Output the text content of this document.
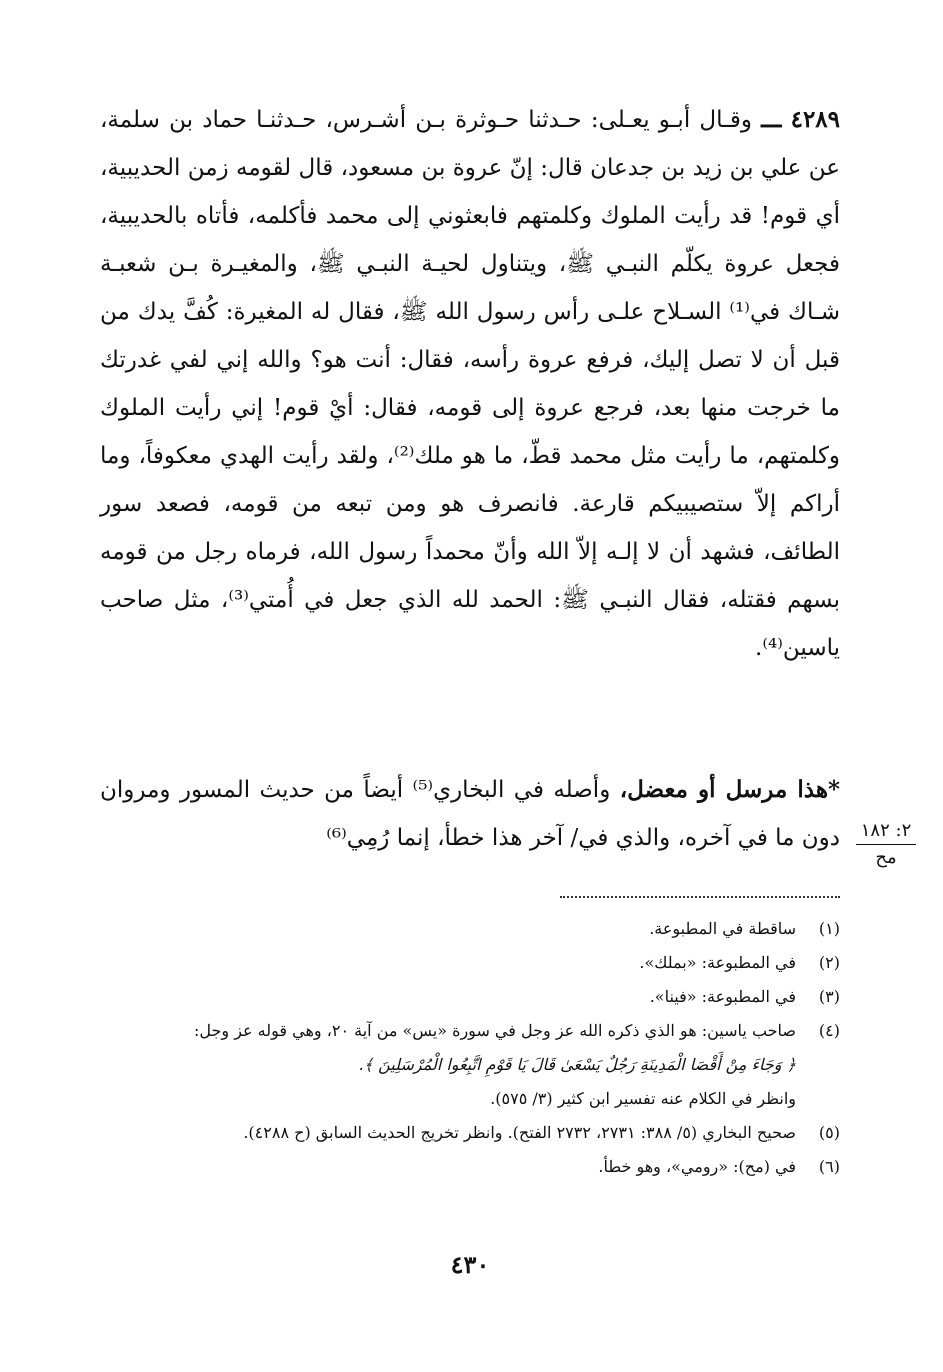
٤٢٨٩ ـــ وقـال أبـو يعـلى: حـدثنا حـوثرة بـن أشـرس، حـدثنـا حماد بن سلمة، عن علي بن زيد بن جدعان قال: إنّ عروة بن مسعود، قال لقومه زمن الحديبية، أي قوم! قد رأيت الملوك وكلمتهم فابعثوني إلى محمد فأكلمه، فأتاه بالحديبية، فجعل عروة يكلّم النبـي ﷺ، ويتناول لحيـة النبـي ﷺ، والمغيـرة بـن شعبـة شـاك في⁽¹⁾ السـلاح علـى رأس رسول الله ﷺ، فقال له المغيرة: كُفَّ يدك من قبل أن لا تصل إليك، فرفع عروة رأسه، فقال: أنت هو؟ والله إني لفي غدرتك ما خرجت منها بعد، فرجع عروة إلى قومه، فقال: أيْ قوم! إني رأيت الملوك وكلمتهم، ما رأيت مثل محمد قطّ، ما هو ملك⁽²⁾، ولقد رأيت الهدي معكوفاً، وما أراكم إلاّ ستصيبيكم قارعة. فانصرف هو ومن تبعه من قومه، فصعد سور الطائف، فشهد أن لا إلـه إلاّ الله وأنّ محمداً رسول الله، فرماه رجل من قومه بسهم فقتله، فقال النبـي ﷺ: الحمد لله الذي جعل في أُمتي⁽³⁾، مثل صاحب ياسين⁽⁴⁾.

*هذا مرسل أو معضل، وأصله في البخاري⁽⁵⁾ أيضاً من حديث المسور ومروان دون ما في آخره، والذي في/ آخر هذا خطأ، إنما رُمِي⁽⁶⁾ ٢: ١٨٢
مح
(١)
ساقطة في المطبوعة.
(٢)
في المطبوعة: «بملك».
(٣)
في المطبوعة: «فينا».
(٤)
صاحب ياسين: هو الذي ذكره الله عز وجل في سورة «يس» من آية ٢٠، وهي قوله عز وجل:
﴿ وَجَاءَ مِنْ أَقْصَا الْمَدِينَةِ رَجُلٌ يَسْعَىٰ قَالَ يَا قَوْمِ اتَّبِعُوا الْمُرْسَلِينَ ﴾.
وانظر في الكلام عنه تفسير ابن كثير (٣/ ٥٧٥).
(٥)
صحيح البخاري (٥/ ٣٨٨: ٢٧٣١، ٢٧٣٢ الفتح). وانظر تخريج الحديث السابق (ح ٤٢٨٨).
(٦)
في (مح): «رومي»، وهو خطأ.
٤٣٠
